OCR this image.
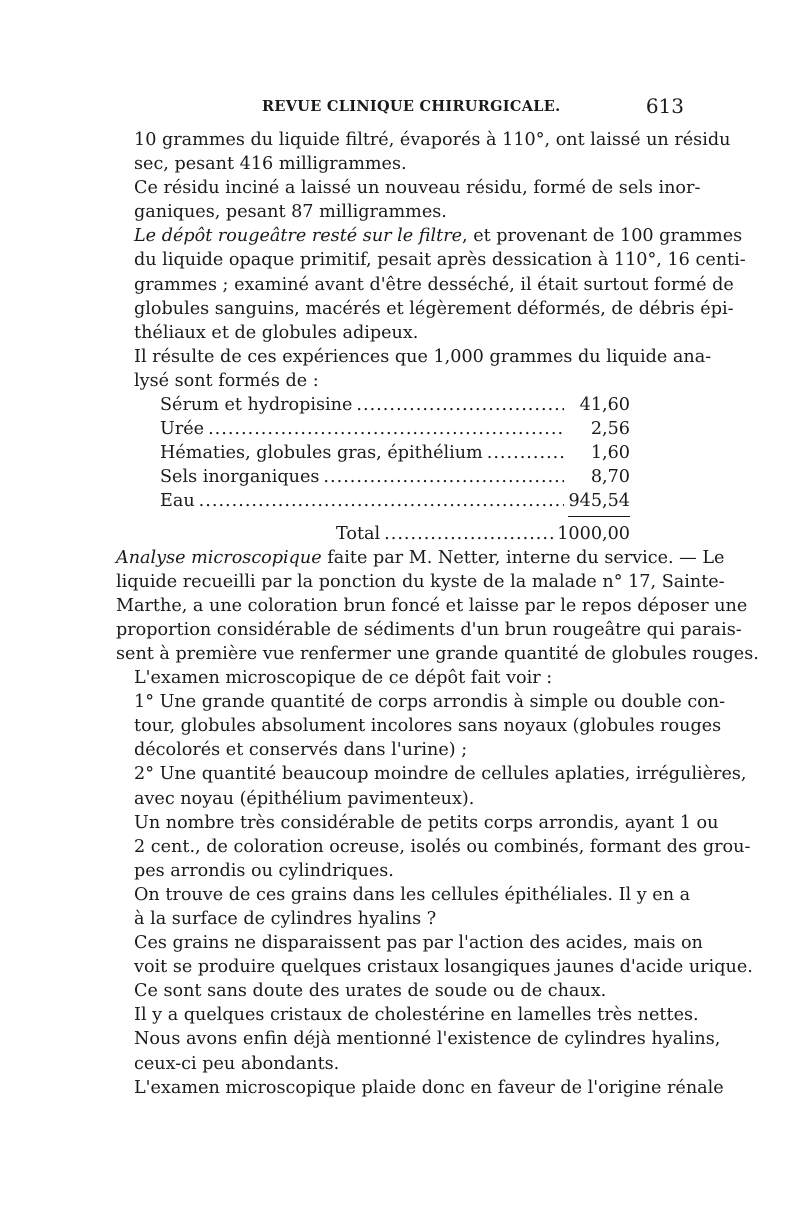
REVUE CLINIQUE CHIRURGICALE.	613

10 grammes du liquide filtré, évaporés à 110°, ont laissé un résidu
sec, pesant 416 milligrammes.

Ce résidu inciné a laissé un nouveau résidu, formé de sels inor-
ganiques, pesant 87 milligrammes.

Le dépôt rougeâtre resté sur le filtre, et provenant de 100 grammes
du liquide opaque primitif, pesait après dessication à 110°, 16 centi-
grammes ; examiné avant d'être desséché, il était surtout formé de
globules sanguins, macérés et légèrement déformés, de débris épi-
théliaux et de globules adipeux.

Il résulte de ces expériences que 1,000 grammes du liquide ana-
lysé sont formés de :

Sérum et hydropisine .....	41,60
Urée .....	2,56
Hématies, globules gras, épithélium .....	1,60
Sels inorganiques .....	8,70
Eau .....	945,54
Total .....	1000,00

Analyse microscopique faite par M. Netter, interne du service. — Le
liquide recueilli par la ponction du kyste de la malade n° 17, Sainte-
Marthe, a une coloration brun foncé et laisse par le repos déposer une
proportion considérable de sédiments d'un brun rougeâtre qui parais-
sent à première vue renfermer une grande quantité de globules rouges.

L'examen microscopique de ce dépôt fait voir :

1° Une grande quantité de corps arrondis à simple ou double con-
tour, globules absolument incolores sans noyaux (globules rouges
décolorés et conservés dans l'urine) ;

2° Une quantité beaucoup moindre de cellules aplaties, irrégulières,
avec noyau (épithélium pavimenteux).

Un nombre très considérable de petits corps arrondis, ayant 1 ou
2 cent., de coloration ocreuse, isolés ou combinés, formant des grou-
pes arrondis ou cylindriques.

On trouve de ces grains dans les cellules épithéliales. Il y en a
à la surface de cylindres hyalins ?

Ces grains ne disparaissent pas par l'action des acides, mais on
voit se produire quelques cristaux losangiques jaunes d'acide urique.
Ce sont sans doute des urates de soude ou de chaux.

Il y a quelques cristaux de cholestérine en lamelles très nettes.

Nous avons enfin déjà mentionné l'existence de cylindres hyalins,
ceux-ci peu abondants.

L'examen microscopique plaide donc en faveur de l'origine rénale
